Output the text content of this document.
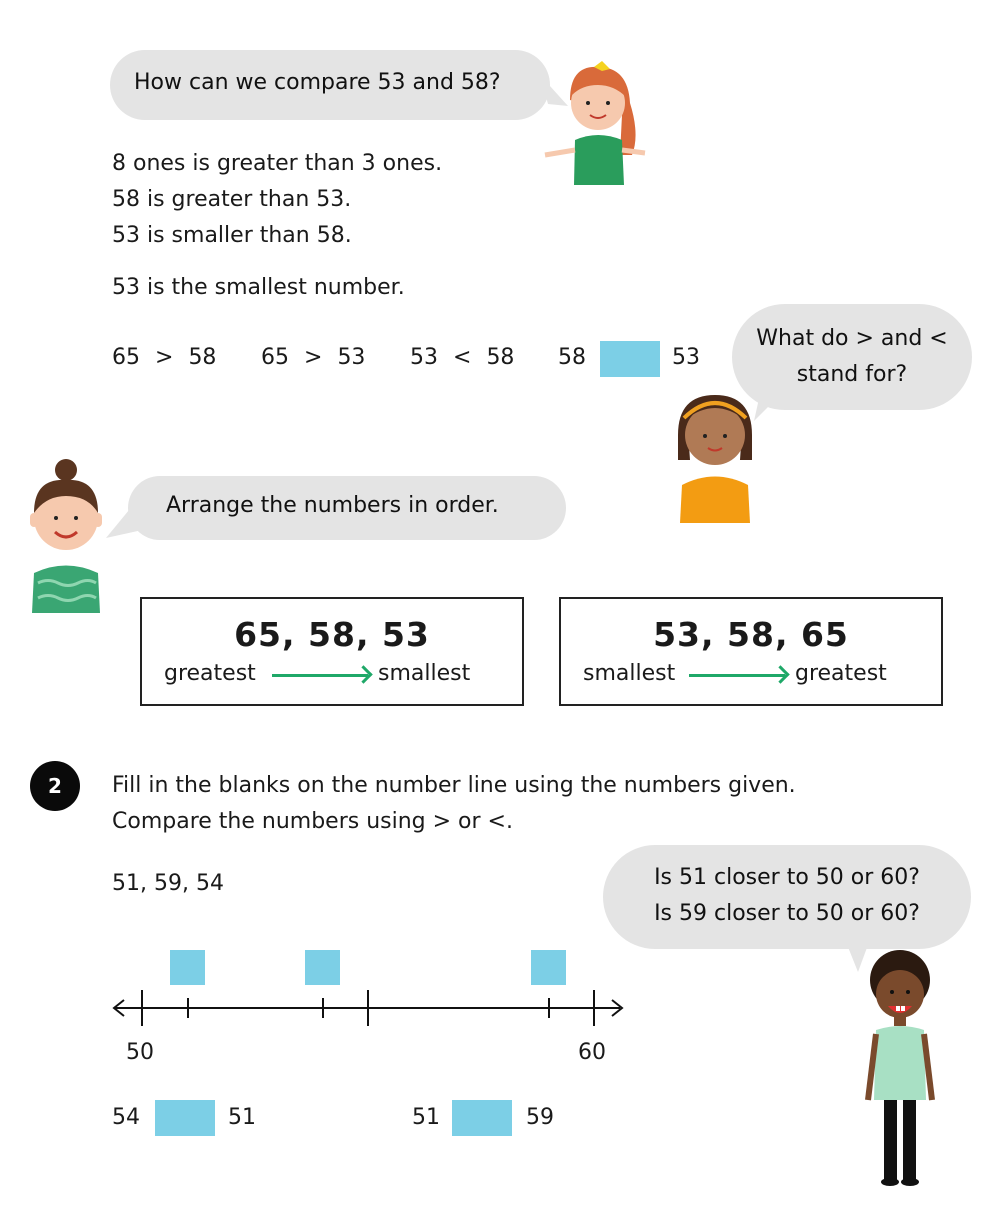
How can we compare 53 and 58?
8 ones is greater than 3 ones.
58 is greater than 53.
53 is smaller than 58.
53 is the smallest number.
65 > 58 65 > 53 53 < 58 58	53
What do > and <
stand for?
Arrange the numbers in order.
65, 58, 53
greatest	smallest
53, 58, 65
smallest	greatest
2	Fill in the blanks on the number line using the numbers given.
Compare the numbers using > or <.
51, 59, 54
50	60
54	51	51	59
Is 51 closer to 50 or 60?
Is 59 closer to 50 or 60?
